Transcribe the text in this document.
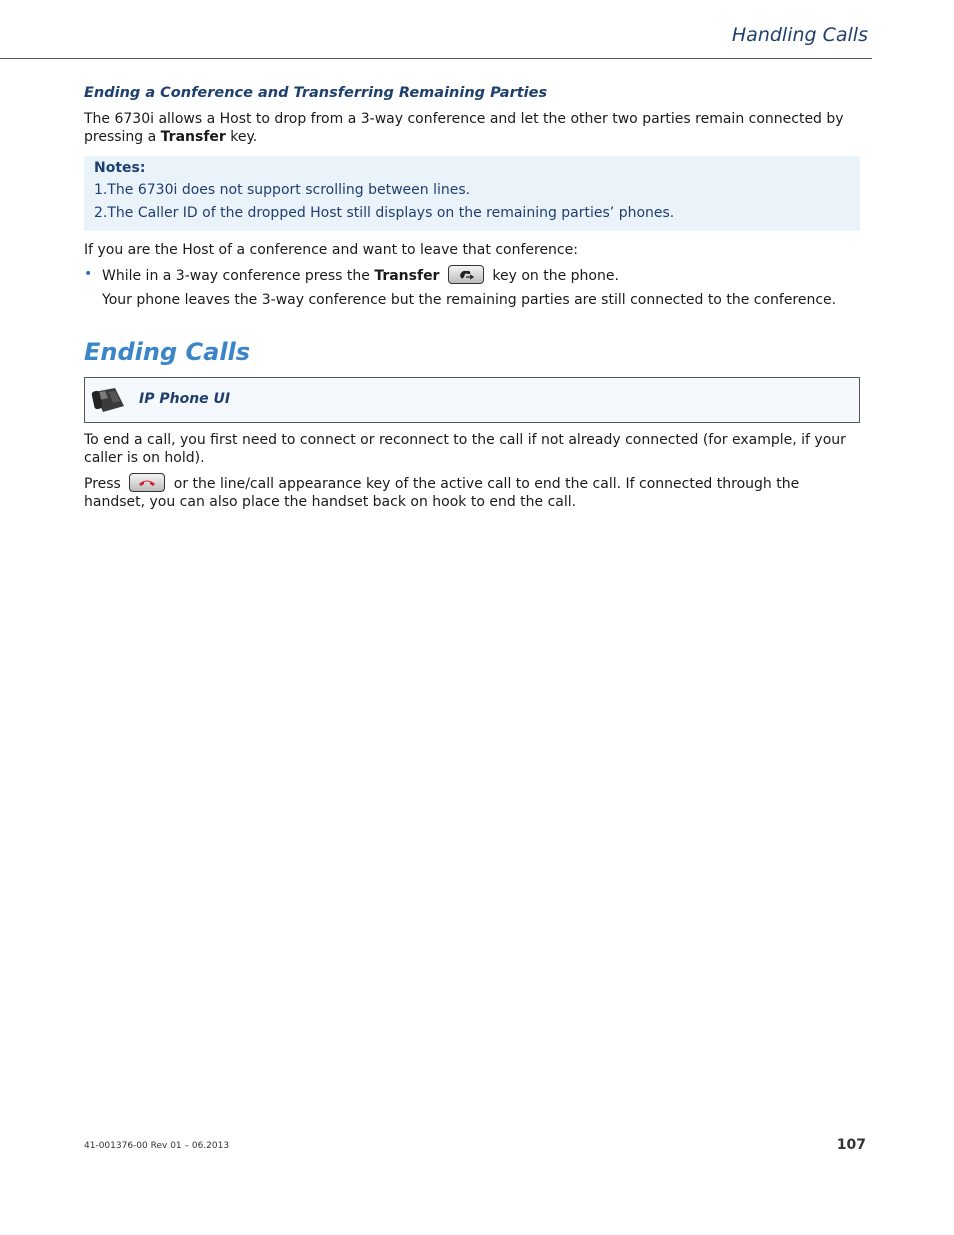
Handling Calls
Ending a Conference and Transferring Remaining Parties

The 6730i allows a Host to drop from a 3-way conference and let the other two parties remain connected by pressing a Transfer key.

Notes:
1.The 6730i does not support scrolling between lines.
2.The Caller ID of the dropped Host still displays on the remaining parties’ phones.

If you are the Host of a conference and want to leave that conference:

• While in a 3-way conference press the Transfer	key on the phone.
Your phone leaves the 3-way conference but the remaining parties are still connected to the conference.
Ending Calls
IP Phone UI

To end a call, you first need to connect or reconnect to the call if not already connected (for example, if your caller is on hold).

Press	or the line/call appearance key of the active call to end the call. If connected through the handset, you can also place the handset back on hook to end the call.

41-001376-00 Rev 01 – 06.2013	107
